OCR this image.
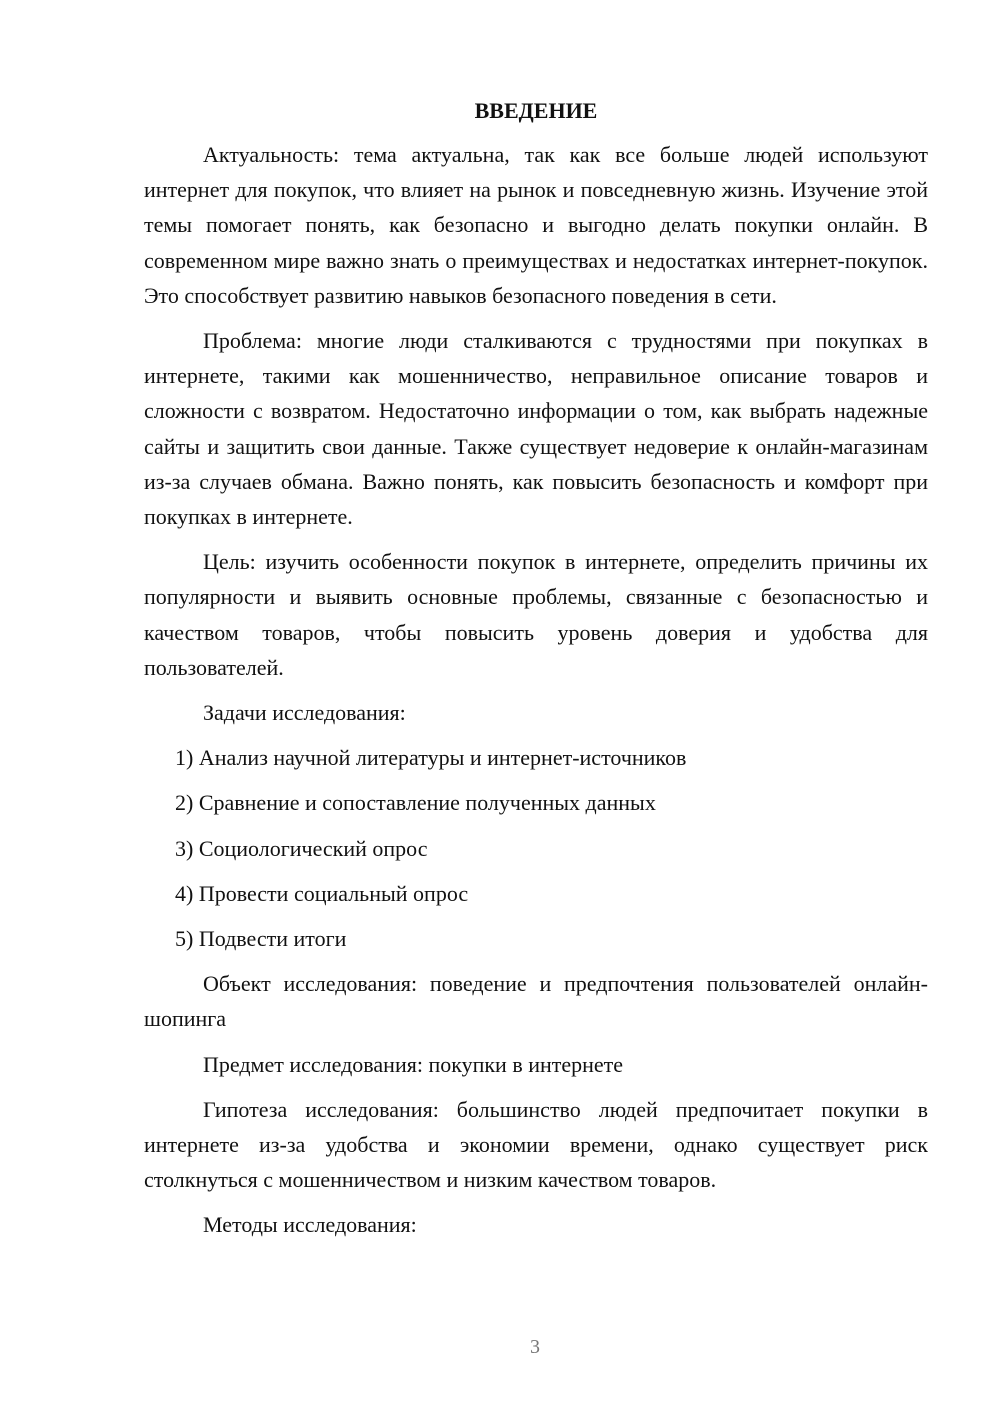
ВВЕДЕНИЕ

Актуальность: тема актуальна, так как все больше людей используют интернет для покупок, что влияет на рынок и повседневную жизнь. Изучение этой темы помогает понять, как безопасно и выгодно делать покупки онлайн. В современном мире важно знать о преимуществах и недостатках интернет-покупок. Это способствует развитию навыков безопасного поведения в сети.

Проблема: многие люди сталкиваются с трудностями при покупках в интернете, такими как мошенничество, неправильное описание товаров и сложности с возвратом. Недостаточно информации о том, как выбрать надежные сайты и защитить свои данные. Также существует недоверие к онлайн-магазинам из-за случаев обмана. Важно понять, как повысить безопасность и комфорт при покупках в интернете.

Цель: изучить особенности покупок в интернете, определить причины их популярности и выявить основные проблемы, связанные с безопасностью и качеством товаров, чтобы повысить уровень доверия и удобства для пользователей.

Задачи исследования:

1) Анализ научной литературы и интернет-источников

2) Сравнение и сопоставление полученных данных

3) Социологический опрос

4) Провести социальный опрос

5) Подвести итоги

Объект исследования: поведение и предпочтения пользователей онлайн-шопинга

Предмет исследования: покупки в интернете

Гипотеза исследования: большинство людей предпочитает покупки в интернете из-за удобства и экономии времени, однако существует риск столкнуться с мошенничеством и низким качеством товаров.

Методы исследования:

3
